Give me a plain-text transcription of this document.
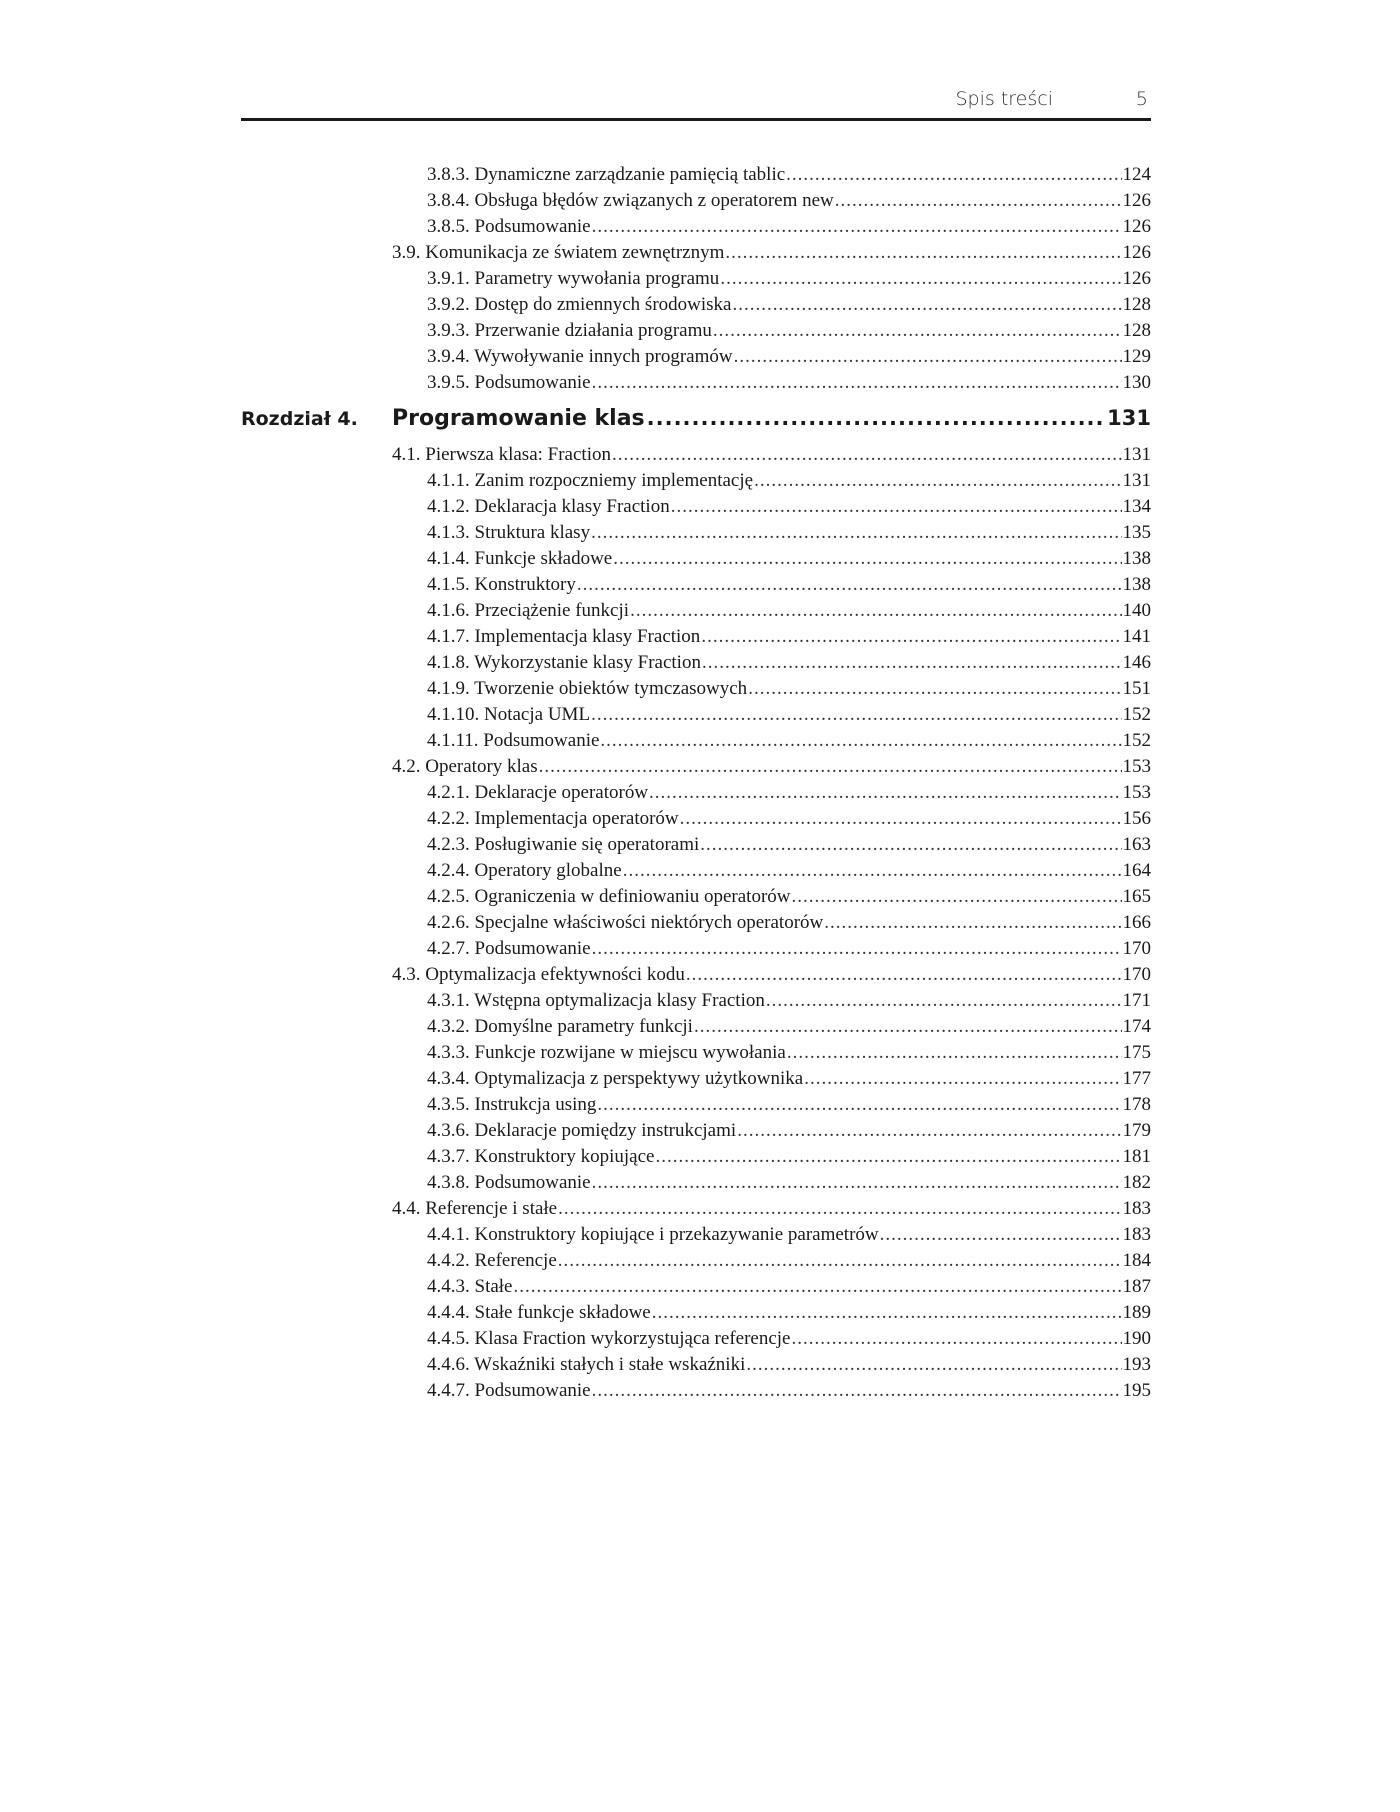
Spis treści	5
3.8.3. Dynamiczne zarządzanie pamięcią tablic .....	124
3.8.4. Obsługa błędów związanych z operatorem new .....	126
3.8.5. Podsumowanie .....	126
3.9. Komunikacja ze światem zewnętrznym .....	126
3.9.1. Parametry wywołania programu .....	126
3.9.2. Dostęp do zmiennych środowiska .....	128
3.9.3. Przerwanie działania programu .....	128
3.9.4. Wywoływanie innych programów .....	129
3.9.5. Podsumowanie .....	130
Rozdział 4.	Programowanie klas .....	131
4.1. Pierwsza klasa: Fraction .....	131
4.1.1. Zanim rozpoczniemy implementację .....	131
4.1.2. Deklaracja klasy Fraction .....	134
4.1.3. Struktura klasy .....	135
4.1.4. Funkcje składowe .....	138
4.1.5. Konstruktory .....	138
4.1.6. Przeciążenie funkcji .....	140
4.1.7. Implementacja klasy Fraction .....	141
4.1.8. Wykorzystanie klasy Fraction .....	146
4.1.9. Tworzenie obiektów tymczasowych .....	151
4.1.10. Notacja UML .....	152
4.1.11. Podsumowanie .....	152
4.2. Operatory klas .....	153
4.2.1. Deklaracje operatorów .....	153
4.2.2. Implementacja operatorów .....	156
4.2.3. Posługiwanie się operatorami .....	163
4.2.4. Operatory globalne .....	164
4.2.5. Ograniczenia w definiowaniu operatorów .....	165
4.2.6. Specjalne właściwości niektórych operatorów .....	166
4.2.7. Podsumowanie .....	170
4.3. Optymalizacja efektywności kodu .....	170
4.3.1. Wstępna optymalizacja klasy Fraction .....	171
4.3.2. Domyślne parametry funkcji .....	174
4.3.3. Funkcje rozwijane w miejscu wywołania .....	175
4.3.4. Optymalizacja z perspektywy użytkownika .....	177
4.3.5. Instrukcja using .....	178
4.3.6. Deklaracje pomiędzy instrukcjami .....	179
4.3.7. Konstruktory kopiujące .....	181
4.3.8. Podsumowanie .....	182
4.4. Referencje i stałe .....	183
4.4.1. Konstruktory kopiujące i przekazywanie parametrów .....	183
4.4.2. Referencje .....	184
4.4.3. Stałe .....	187
4.4.4. Stałe funkcje składowe .....	189
4.4.5. Klasa Fraction wykorzystująca referencje .....	190
4.4.6. Wskaźniki stałych i stałe wskaźniki .....	193
4.4.7. Podsumowanie .....	195
